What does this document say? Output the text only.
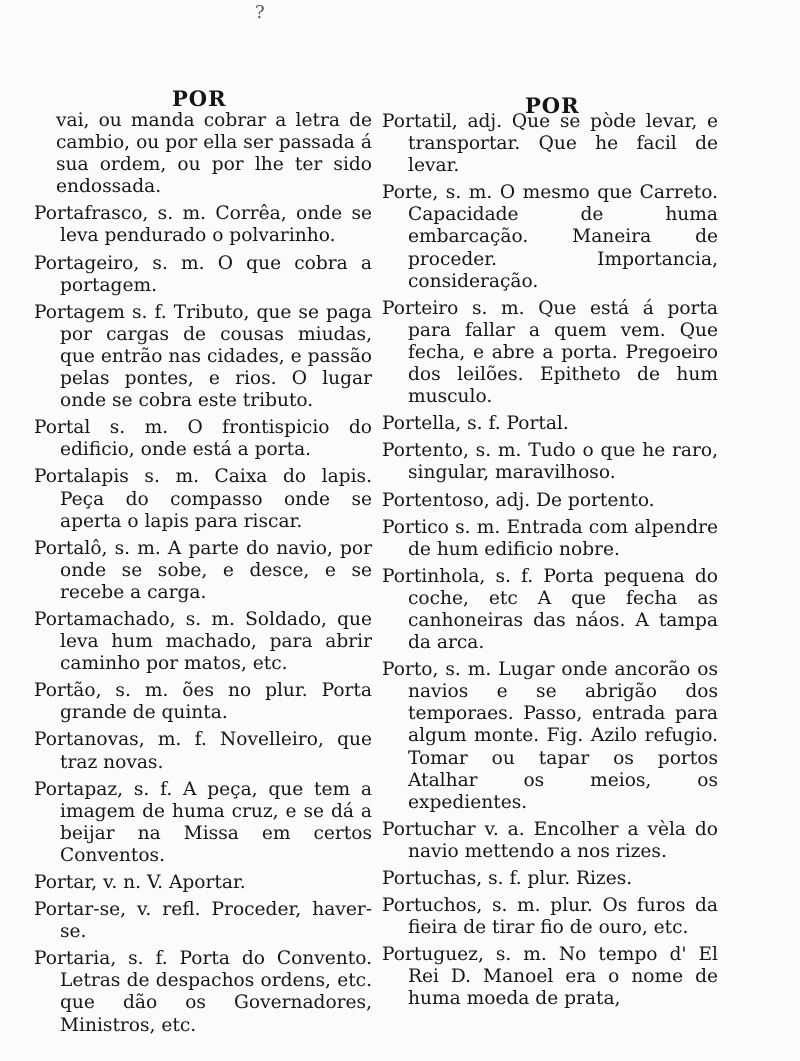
?
POR	POR

vai, ou manda cobrar a letra de cambio, ou por ella ser passada á sua ordem, ou por lhe ter sido endossada.

Portafrasco, s. m. Corrêa, onde se leva pendurado o polvarinho.

Portageiro, s. m. O que cobra a portagem.

Portagem s. f. Tributo, que se paga por cargas de cousas miudas, que entrão nas cidades, e passão pelas pontes, e rios. O lugar onde se cobra este tributo.

Portal s. m. O frontispicio do edificio, onde está a porta.

Portalapis s. m. Caixa do lapis. Peça do compasso onde se aperta o lapis para riscar.

Portalô, s. m. A parte do navio, por onde se sobe, e desce, e se recebe a carga.

Portamachado, s. m. Soldado, que leva hum machado, para abrir caminho por matos, etc.

Portão, s. m. ões no plur. Porta grande de quinta.

Portanovas, m. f. Novelleiro, que traz novas.

Portapaz, s. f. A peça, que tem a imagem de huma cruz, e se dá a beijar na Missa em certos Conventos.

Portar, v. n. V. Aportar.

Portar-se, v. refl. Proceder, haver-se.

Portaria, s. f. Porta do Convento. Letras de despachos ordens, etc. que dão os Governadores, Ministros, etc.

Portatil, adj. Que se pòde levar, e transportar. Que he facil de levar.

Porte, s. m. O mesmo que Carreto. Capacidade de huma embarcação. Maneira de proceder. Importancia, consideração.

Porteiro s. m. Que está á porta para fallar a quem vem. Que fecha, e abre a porta. Pregoeiro dos leilões. Epitheto de hum musculo.

Portella, s. f. Portal.

Portento, s. m. Tudo o que he raro, singular, maravilhoso.

Portentoso, adj. De portento.

Portico s. m. Entrada com alpendre de hum edificio nobre.

Portinhola, s. f. Porta pequena do coche, etc A que fecha as canhoneiras das náos. A tampa da arca.

Porto, s. m. Lugar onde ancorão os navios e se abrigão dos temporaes. Passo, entrada para algum monte. Fig. Azilo refugio. Tomar ou tapar os portos Atalhar os meios, os expedientes.

Portuchar v. a. Encolher a vèla do navio mettendo a nos rizes.

Portuchas, s. f. plur. Rizes.

Portuchos, s. m. plur. Os furos da fieira de tirar fio de ouro, etc.

Portuguez, s. m. No tempo d' El Rei D. Manoel era o nome de huma moeda de prata,
